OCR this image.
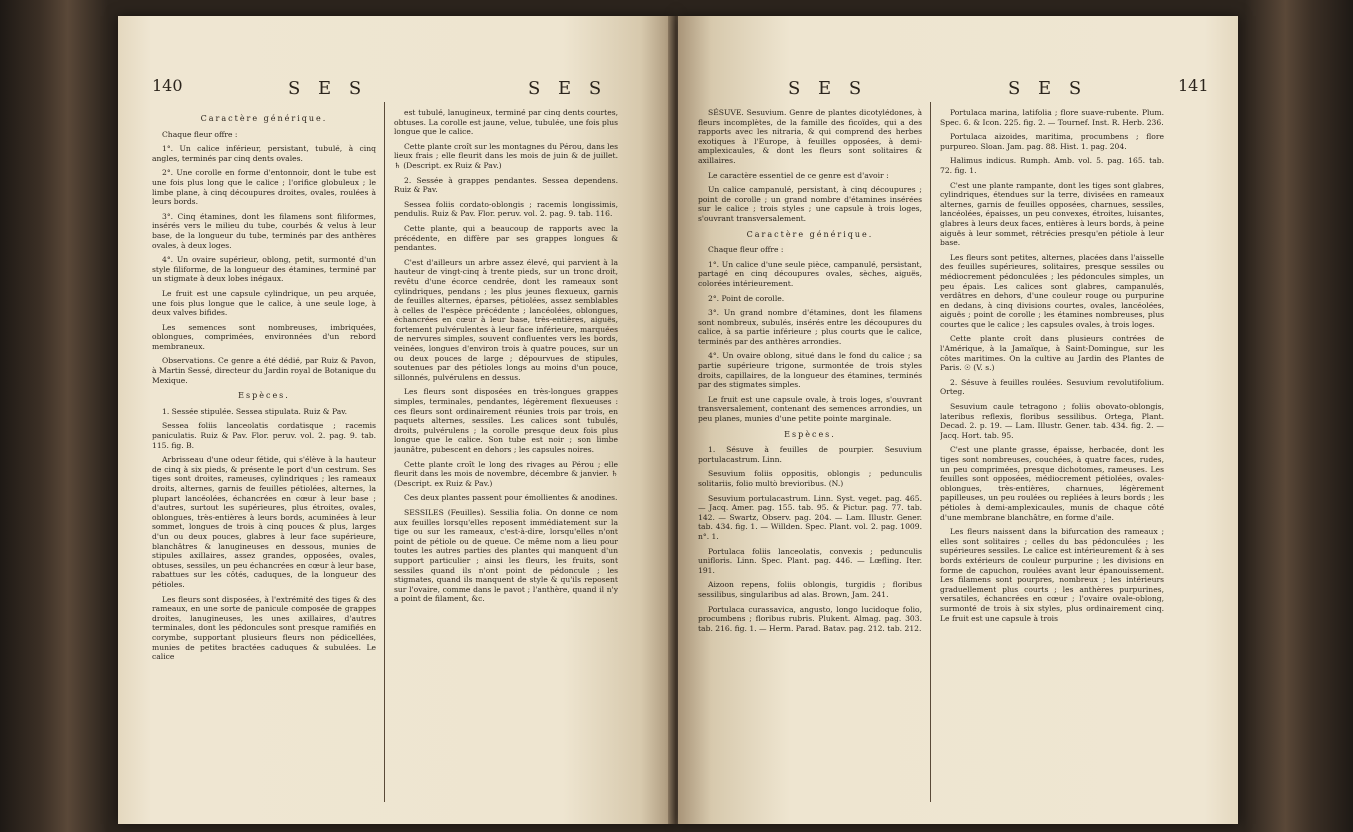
140	S E S	S E S
Caractère générique.

Chaque fleur offre :

1°. Un calice inférieur, persistant, tubulé, à cinq angles, terminés par cinq dents ovales.

2°. Une corolle en forme d'entonnoir, dont le tube est une fois plus long que le calice ; l'orifice globuleux ; le limbe plane, à cinq découpures droites, ovales, roulées à leurs bords.

3°. Cinq étamines, dont les filamens sont filiformes, insérés vers le milieu du tube, courbés & velus à leur base, de la longueur du tube, terminés par des anthères ovales, à deux loges.

4°. Un ovaire supérieur, oblong, petit, surmonté d'un style filiforme, de la longueur des étamines, terminé par un stigmate à deux lobes inégaux.

Le fruit est une capsule cylindrique, un peu arquée, une fois plus longue que le calice, à une seule loge, à deux valves bifides.

Les semences sont nombreuses, imbriquées, oblongues, comprimées, environnées d'un rebord membraneux.

Observations. Ce genre a été dédié, par Ruiz & Pavon, à Martin Sessé, directeur du Jardin royal de Botanique du Mexique.

Espèces.

1. Sessée stipulée. Sessea stipulata. Ruiz & Pav.

Sessea foliis lanceolatis cordatisque ; racemis paniculatis. Ruiz & Pav. Flor. peruv. vol. 2. pag. 9. tab. 115. fig. B.

Arbrisseau d'une odeur fétide, qui s'élève à la hauteur de cinq à six pieds, & présente le port d'un cestrum. Ses tiges sont droites, rameuses, cylindriques ; les rameaux droits, alternes, garnis de feuilles pétiolées, alternes, la plupart lancéolées, échancrées en cœur à leur base ; d'autres, surtout les supérieures, plus étroites, ovales, oblongues, très-entières à leurs bords, acuminées à leur sommet, longues de trois à cinq pouces & plus, larges d'un ou deux pouces, glabres à leur face supérieure, blanchâtres & lanugineuses en dessous, munies de stipules axillaires, assez grandes, opposées, ovales, obtuses, sessiles, un peu échancrées en cœur à leur base, rabattues sur les côtés, caduques, de la longueur des pétioles.

Les fleurs sont disposées, à l'extrémité des tiges & des rameaux, en une sorte de panicule composée de grappes droites, lanugineuses, les unes axillaires, d'autres terminales, dont les pédoncules sont presque ramifiés en corymbe, supportant plusieurs fleurs non pédicellées, munies de petites bractées caduques & subulées. Le calice

est tubulé, lanugineux, terminé par cinq dents courtes, obtuses. La corolle est jaune, velue, tubulée, une fois plus longue que le calice.

Cette plante croît sur les montagnes du Pérou, dans les lieux frais ; elle fleurit dans les mois de juin & de juillet. ♄ (Descript. ex Ruiz & Pav.)

2. Sessée à grappes pendantes. Sessea dependens. Ruiz & Pav.

Sessea foliis cordato-oblongis ; racemis longissimis, pendulis. Ruiz & Pav. Flor. peruv. vol. 2. pag. 9. tab. 116.

Cette plante, qui a beaucoup de rapports avec la précédente, en diffère par ses grappes longues & pendantes.

C'est d'ailleurs un arbre assez élevé, qui parvient à la hauteur de vingt-cinq à trente pieds, sur un tronc droit, revêtu d'une écorce cendrée, dont les rameaux sont cylindriques, pendans ; les plus jeunes flexueux, garnis de feuilles alternes, éparses, pétiolées, assez semblables à celles de l'espèce précédente ; lancéolées, oblongues, échancrées en cœur à leur base, très-entières, aiguës, fortement pulvérulentes à leur face inférieure, marquées de nervures simples, souvent confluentes vers les bords, veinées, longues d'environ trois à quatre pouces, sur un ou deux pouces de large ; dépourvues de stipules, soutenues par des pétioles longs au moins d'un pouce, sillonnés, pulvérulens en dessus.

Les fleurs sont disposées en très-longues grappes simples, terminales, pendantes, légèrement flexueuses : ces fleurs sont ordinairement réunies trois par trois, en paquets alternes, sessiles. Les calices sont tubulés, droits, pulvérulens ; la corolle presque deux fois plus longue que le calice. Son tube est noir ; son limbe jaunâtre, pubescent en dehors ; les capsules noires.

Cette plante croît le long des rivages au Pérou ; elle fleurit dans les mois de novembre, décembre & janvier. ♄ (Descript. ex Ruiz & Pav.)

Ces deux plantes passent pour émollientes & anodines.

SESSILES (Feuilles). Sessilia folia. On donne ce nom aux feuilles lorsqu'elles reposent immédiatement sur la tige ou sur les rameaux, c'est-à-dire, lorsqu'elles n'ont point de pétiole ou de queue. Ce même nom a lieu pour toutes les autres parties des plantes qui manquent d'un support particulier ; ainsi les fleurs, les fruits, sont sessiles quand ils n'ont point de pédoncule ; les stigmates, quand ils manquent de style & qu'ils reposent sur l'ovaire, comme dans le pavot ; l'anthère, quand il n'y a point de filament, &c.

S E S	S E S	141

SÉSUVE. Sesuvium. Genre de plantes dicotylédones, à fleurs incomplètes, de la famille des ficoïdes, qui a des rapports avec les nitraria, & qui comprend des herbes exotiques à l'Europe, à feuilles opposées, à demi-amplexicaules, & dont les fleurs sont solitaires & axillaires.

Le caractère essentiel de ce genre est d'avoir :

Un calice campanulé, persistant, à cinq découpures ; point de corolle ; un grand nombre d'étamines insérées sur le calice ; trois styles ; une capsule à trois loges, s'ouvrant transversalement.

Caractère générique.

Chaque fleur offre :

1°. Un calice d'une seule pièce, campanulé, persistant, partagé en cinq découpures ovales, sèches, aiguës, colorées intérieurement.

2°. Point de corolle.

3°. Un grand nombre d'étamines, dont les filamens sont nombreux, subulés, insérés entre les découpures du calice, à sa partie inférieure ; plus courts que le calice, terminés par des anthères arrondies.

4°. Un ovaire oblong, situé dans le fond du calice ; sa partie supérieure trigone, surmontée de trois styles droits, capillaires, de la longueur des étamines, terminés par des stigmates simples.

Le fruit est une capsule ovale, à trois loges, s'ouvrant transversalement, contenant des semences arrondies, un peu planes, munies d'une petite pointe marginale.

Espèces.

1. Sésuve à feuilles de pourpier. Sesuvium portulacastrum. Linn.

Sesuvium foliis oppositis, oblongis ; pedunculis solitariis, folio multò brevioribus. (N.)

Sesuvium portulacastrum. Linn. Syst. veget. pag. 465. — Jacq. Amer. pag. 155. tab. 95. & Pictur. pag. 77. tab. 142. — Swartz, Observ. pag. 204. — Lam. Illustr. Gener. tab. 434. fig. 1. — Willden. Spec. Plant. vol. 2. pag. 1009. n°. 1.

Portulaca foliis lanceolatis, convexis ; pedunculis unifloris. Linn. Spec. Plant. pag. 446. — Lœfling. Iter. 191.

Aizoon repens, foliis oblongis, turgidis ; floribus sessilibus, singularibus ad alas. Brown, Jam. 241.

Portulaca curassavica, angusto, longo lucidoque folio, procumbens ; floribus rubris. Plukent. Almag. pag. 303. tab. 216. fig. 1. — Herm. Parad. Batav. pag. 212. tab. 212.

Portulaca marina, latifolia ; flore suave-rubente. Plum. Spec. 6. & Icon. 225. fig. 2. — Tournef. Inst. R. Herb. 236.

Portulaca aizoides, maritima, procumbens ; flore purpureo. Sloan. Jam. pag. 88. Hist. 1. pag. 204.

Halimus indicus. Rumph. Amb. vol. 5. pag. 165. tab. 72. fig. 1.

C'est une plante rampante, dont les tiges sont glabres, cylindriques, étendues sur la terre, divisées en rameaux alternes, garnis de feuilles opposées, charnues, sessiles, lancéolées, épaisses, un peu convexes, étroites, luisantes, glabres à leurs deux faces, entières à leurs bords, à peine aiguës à leur sommet, rétrécies presqu'en pétiole à leur base.

Les fleurs sont petites, alternes, placées dans l'aisselle des feuilles supérieures, solitaires, presque sessiles ou médiocrement pédonculées ; les pédoncules simples, un peu épais. Les calices sont glabres, campanulés, verdâtres en dehors, d'une couleur rouge ou purpurine en dedans, à cinq divisions courtes, ovales, lancéolées, aiguës ; point de corolle ; les étamines nombreuses, plus courtes que le calice ; les capsules ovales, à trois loges.

Cette plante croît dans plusieurs contrées de l'Amérique, à la Jamaïque, à Saint-Domingue, sur les côtes maritimes. On la cultive au Jardin des Plantes de Paris. ☉ (V. s.)

2. Sésuve à feuilles roulées. Sesuvium revolutifolium. Orteg.

Sesuvium caule tetragono ; foliis obovato-oblongis, lateribus reflexis, floribus sessilibus. Ortega, Plant. Decad. 2. p. 19. — Lam. Illustr. Gener. tab. 434. fig. 2. — Jacq. Hort. tab. 95.

C'est une plante grasse, épaisse, herbacée, dont les tiges sont nombreuses, couchées, à quatre faces, rudes, un peu comprimées, presque dichotomes, rameuses. Les feuilles sont opposées, médiocrement pétiolées, ovales-oblongues, très-entières, charnues, légèrement papilleuses, un peu roulées ou repliées à leurs bords ; les pétioles à demi-amplexicaules, munis de chaque côté d'une membrane blanchâtre, en forme d'aile.

Les fleurs naissent dans la bifurcation des rameaux ; elles sont solitaires ; celles du bas pédonculées ; les supérieures sessiles. Le calice est intérieurement & à ses bords extérieurs de couleur purpurine ; les divisions en forme de capuchon, roulées avant leur épanouissement. Les filamens sont pourpres, nombreux ; les intérieurs graduellement plus courts ; les anthères purpurines, versatiles, échancrées en cœur ; l'ovaire ovale-oblong, surmonté de trois à six styles, plus ordinairement cinq. Le fruit est une capsule à trois
